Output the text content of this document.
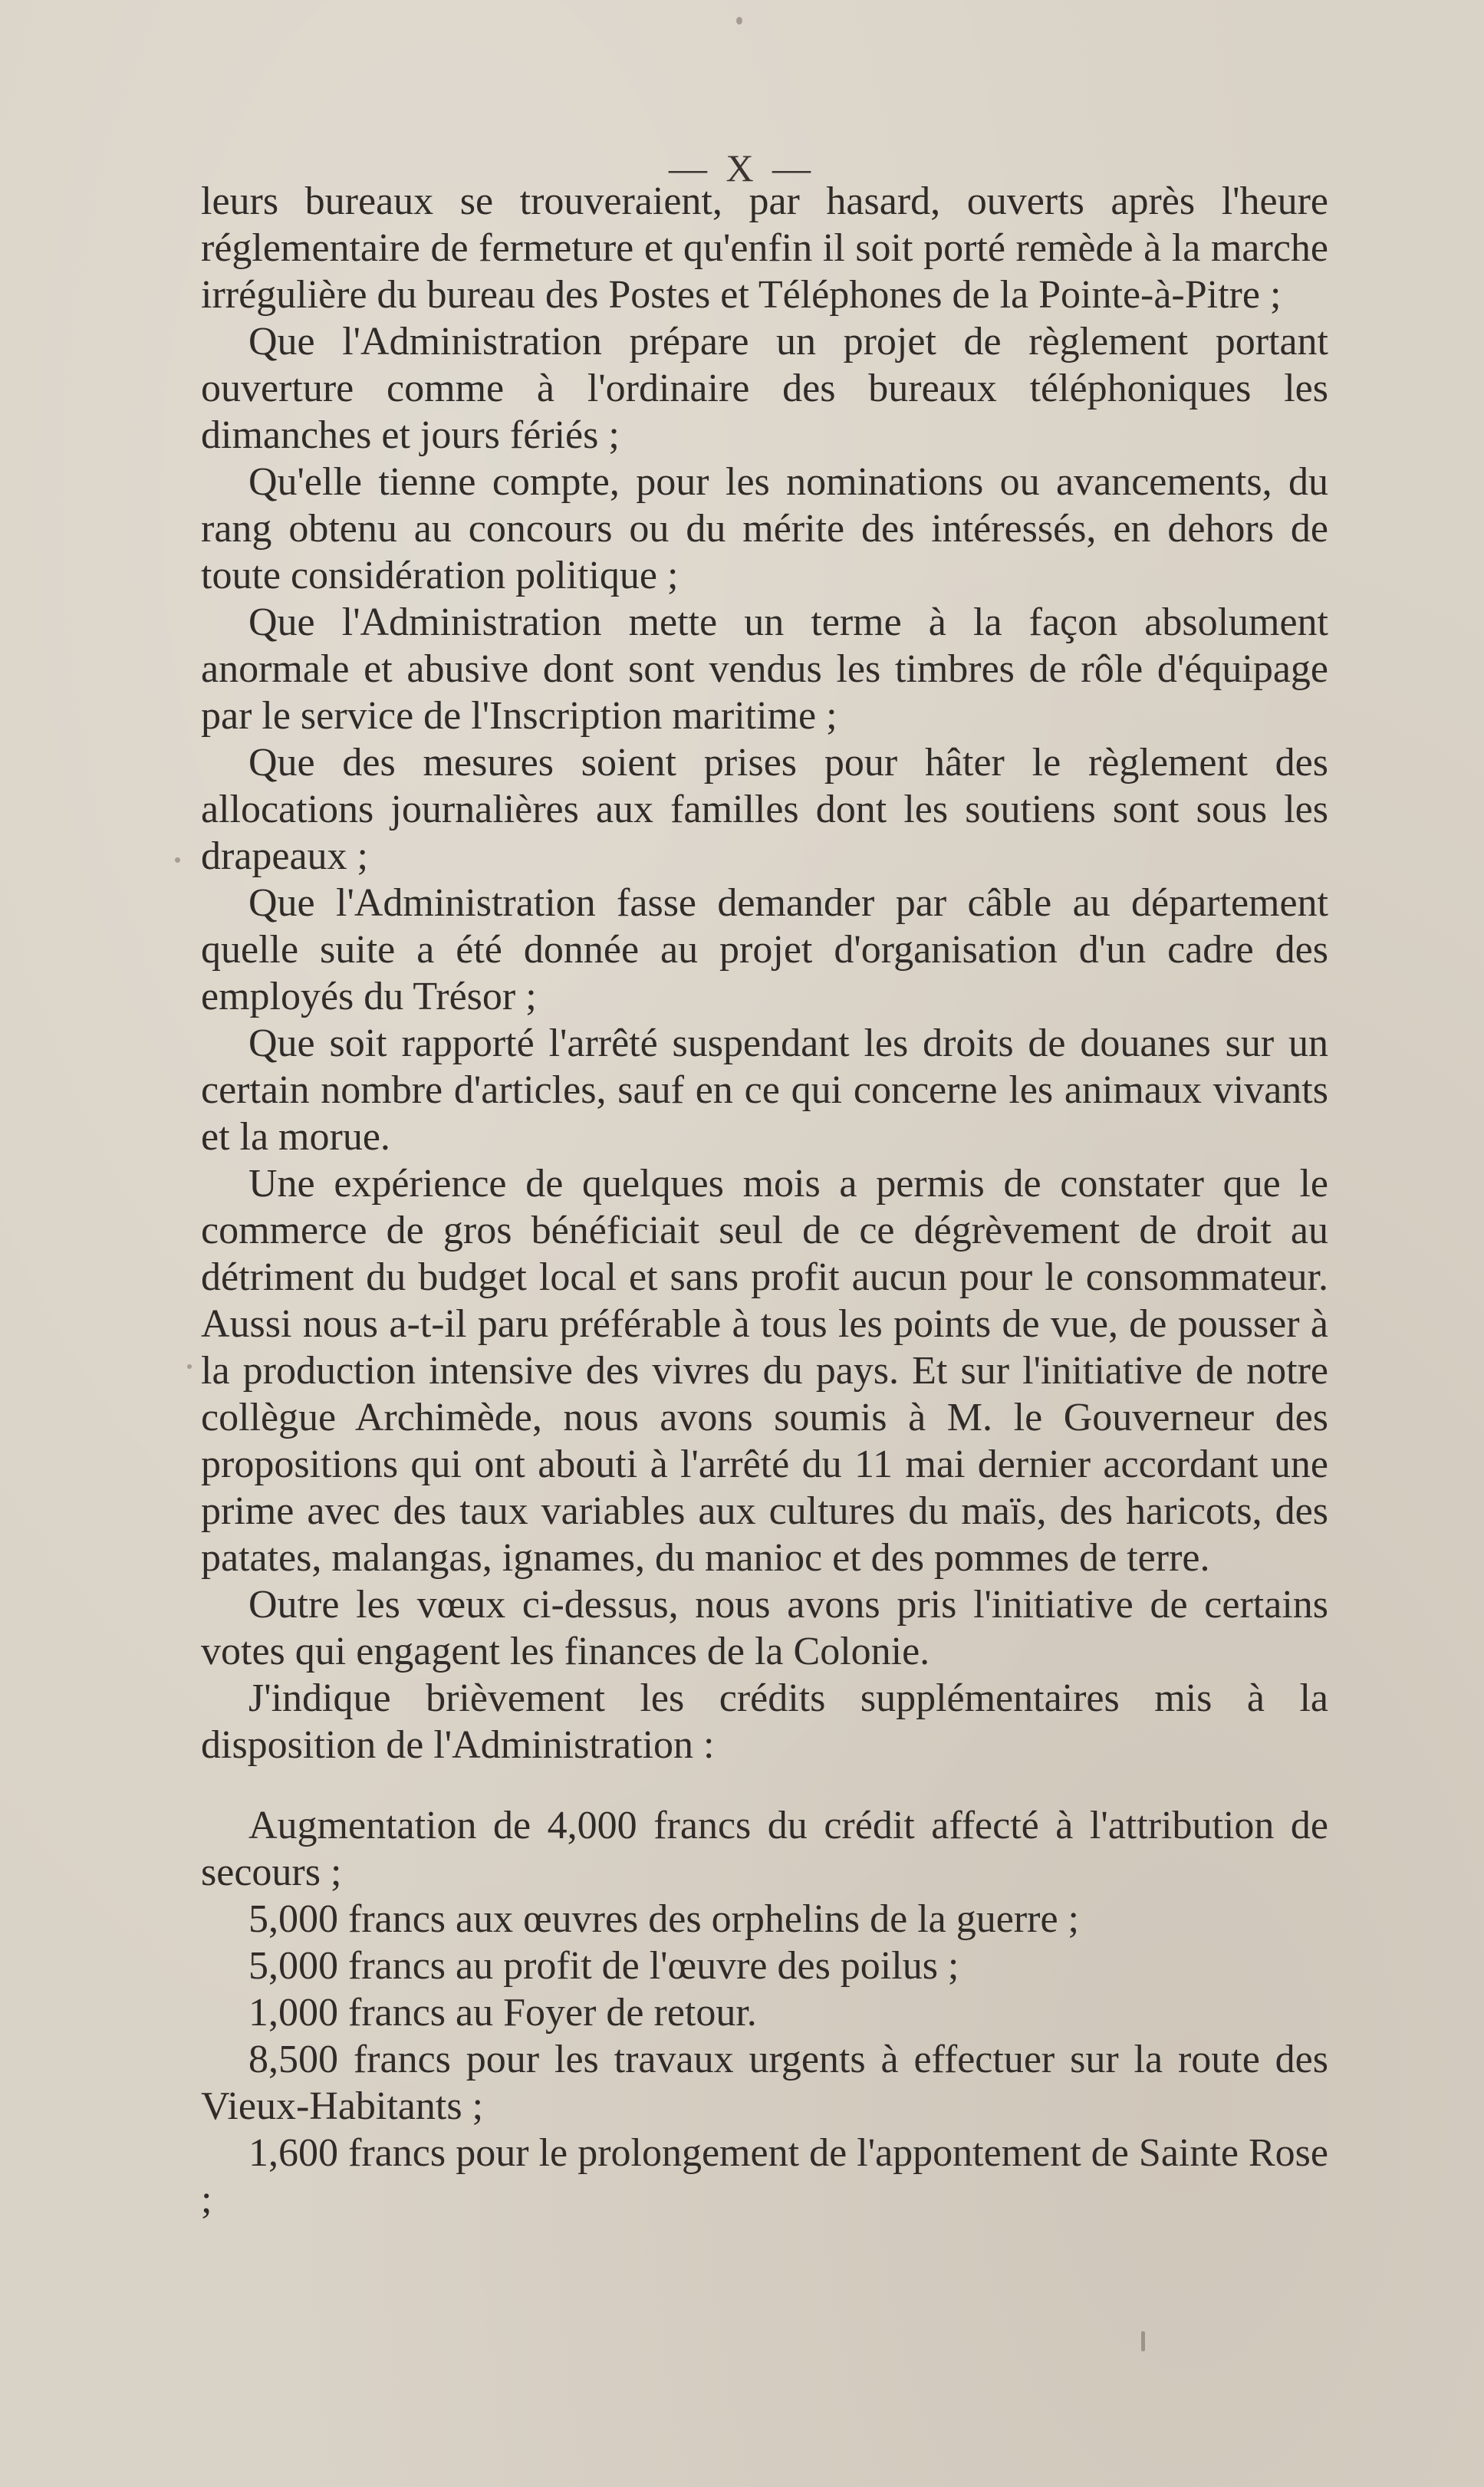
— X —

leurs bureaux se trouveraient, par hasard, ouverts après l'heure réglementaire de fermeture et qu'enfin il soit porté remède à la marche irrégulière du bureau des Postes et Téléphones de la Pointe-à-Pitre ;

Que l'Administration prépare un projet de règlement portant ouverture comme à l'ordinaire des bureaux téléphoniques les dimanches et jours fériés ;

Qu'elle tienne compte, pour les nominations ou avancements, du rang obtenu au concours ou du mérite des intéressés, en dehors de toute considération politique ;

Que l'Administration mette un terme à la façon absolument anormale et abusive dont sont vendus les timbres de rôle d'équipage par le service de l'Inscription maritime ;

Que des mesures soient prises pour hâter le règlement des allocations journalières aux familles dont les soutiens sont sous les drapeaux ;

Que l'Administration fasse demander par câble au département quelle suite a été donnée au projet d'organisation d'un cadre des employés du Trésor ;

Que soit rapporté l'arrêté suspendant les droits de douanes sur un certain nombre d'articles, sauf en ce qui concerne les animaux vivants et la morue.

Une expérience de quelques mois a permis de constater que le commerce de gros bénéficiait seul de ce dégrèvement de droit au détriment du budget local et sans profit aucun pour le consommateur. Aussi nous a-t-il paru préférable à tous les points de vue, de pousser à la production intensive des vivres du pays. Et sur l'initiative de notre collègue Archimède, nous avons soumis à M. le Gouverneur des propositions qui ont abouti à l'arrêté du 11 mai dernier accordant une prime avec des taux variables aux cultures du maïs, des haricots, des patates, malangas, ignames, du manioc et des pommes de terre.

Outre les vœux ci-dessus, nous avons pris l'initiative de certains votes qui engagent les finances de la Colonie.

J'indique brièvement les crédits supplémentaires mis à la disposition de l'Administration :

Augmentation de 4,000 francs du crédit affecté à l'attribution de secours ;

5,000 francs aux œuvres des orphelins de la guerre ;

5,000 francs au profit de l'œuvre des poilus ;

1,000 francs au Foyer de retour.

8,500 francs pour les travaux urgents à effectuer sur la route des Vieux-Habitants ;

1,600 francs pour le prolongement de l'appontement de Sainte Rose ;
